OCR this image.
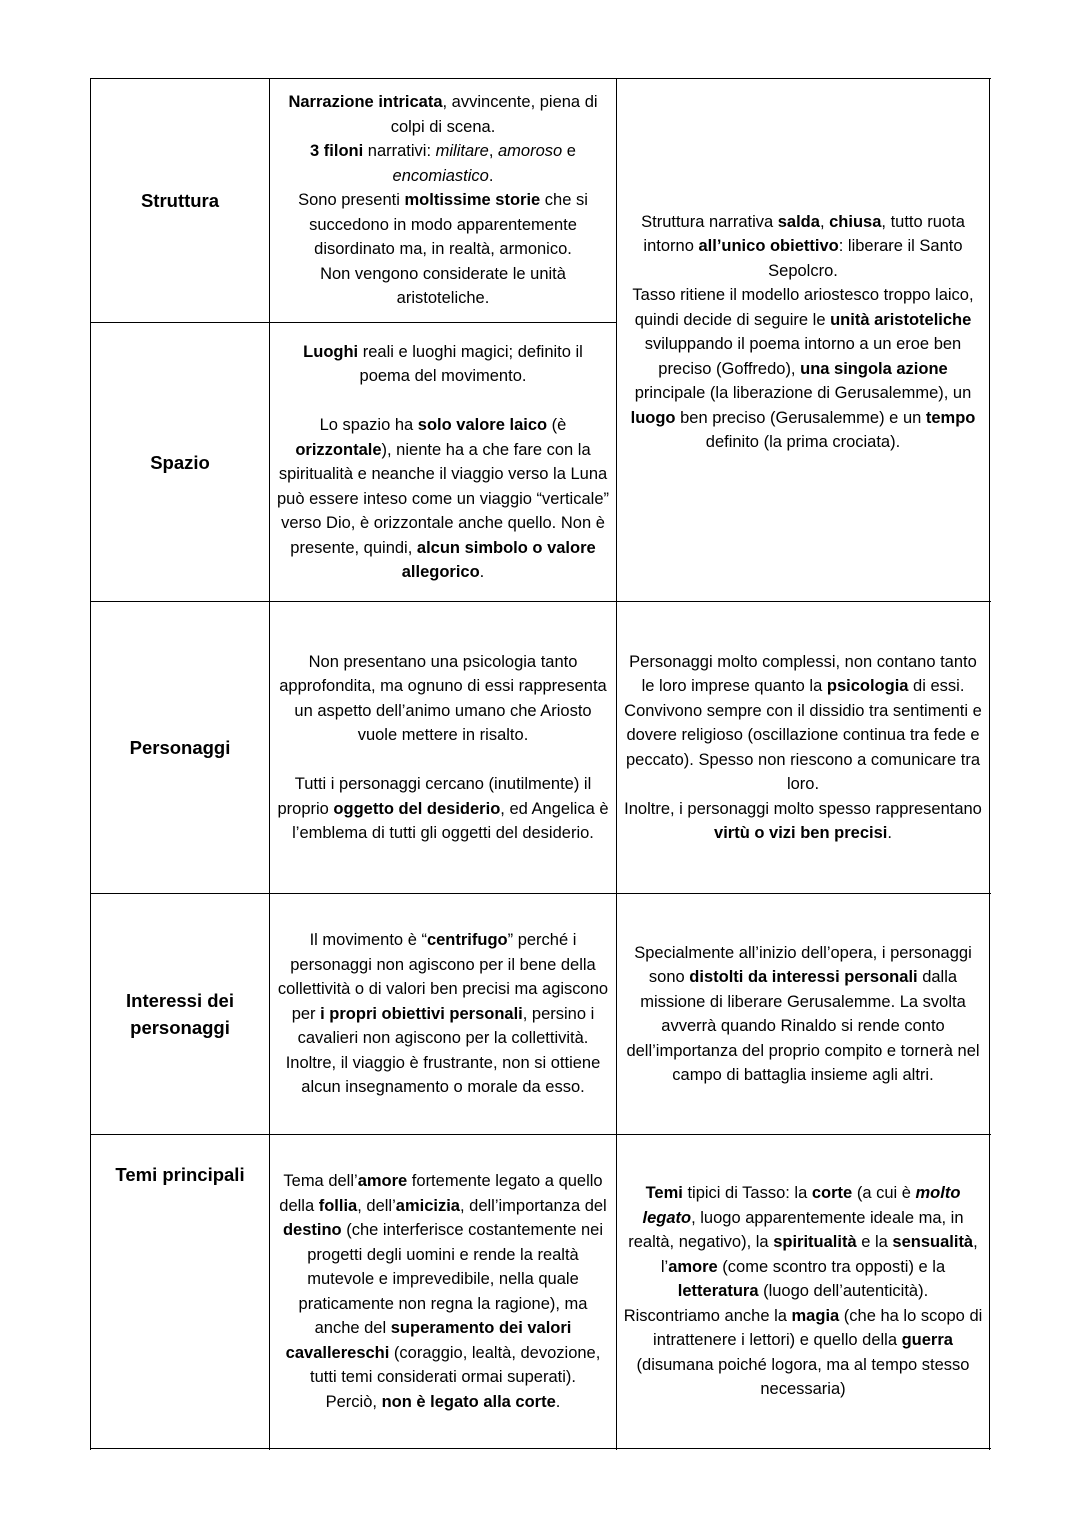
Struttura

Narrazione intricata, avvincente, piena di colpi di scena.

3 filoni narrativi: militare, amoroso e encomiastico.

Sono presenti moltissime storie che si succedono in modo apparentemente disordinato ma, in realtà, armonico.

Non vengono considerate le unità aristoteliche.

Struttura narrativa salda, chiusa, tutto ruota intorno all’unico obiettivo: liberare il Santo Sepolcro.

Tasso ritiene il modello ariostesco troppo laico, quindi decide di seguire le unità aristoteliche sviluppando il poema intorno a un eroe ben preciso (Goffredo), una singola azione principale (la liberazione di Gerusalemme), un luogo ben preciso (Gerusalemme) e un tempo definito (la prima crociata).

Spazio

Luoghi reali e luoghi magici; definito il poema del movimento.

Lo spazio ha solo valore laico (è orizzontale), niente ha a che fare con la spiritualità e neanche il viaggio verso la Luna può essere inteso come un viaggio “verticale” verso Dio, è orizzontale anche quello. Non è presente, quindi, alcun simbolo o valore allegorico.

Personaggi

Non presentano una psicologia tanto approfondita, ma ognuno di essi rappresenta un aspetto dell’animo umano che Ariosto vuole mettere in risalto.

Tutti i personaggi cercano (inutilmente) il proprio oggetto del desiderio, ed Angelica è l’emblema di tutti gli oggetti del desiderio.

Personaggi molto complessi, non contano tanto le loro imprese quanto la psicologia di essi. Convivono sempre con il dissidio tra sentimenti e dovere religioso (oscillazione continua tra fede e peccato). Spesso non riescono a comunicare tra loro.

Inoltre, i personaggi molto spesso rappresentano virtù o vizi ben precisi.

Interessi dei personaggi

Il movimento è “centrifugo” perché i personaggi non agiscono per il bene della collettività o di valori ben precisi ma agiscono per i propri obiettivi personali, persino i cavalieri non agiscono per la collettività.

Inoltre, il viaggio è frustrante, non si ottiene alcun insegnamento o morale da esso.

Specialmente all’inizio dell’opera, i personaggi sono distolti da interessi personali dalla missione di liberare Gerusalemme. La svolta avverrà quando Rinaldo si rende conto dell’importanza del proprio compito e tornerà nel campo di battaglia insieme agli altri.

Temi principali	Tema dell’amore fortemente legato a quello della follia, dell’amicizia, dell’importanza del destino (che interferisce costantemente nei progetti degli uomini e rende la realtà mutevole e imprevedibile, nella quale praticamente non regna la ragione), ma anche del superamento dei valori cavallereschi (coraggio, lealtà, devozione, tutti temi considerati ormai superati).

Perciò, non è legato alla corte.

Temi tipici di Tasso: la corte (a cui è molto legato, luogo apparentemente ideale ma, in realtà, negativo), la spiritualità e la sensualità, l’amore (come scontro tra opposti) e la letteratura (luogo dell’autenticità).

Riscontriamo anche la magia (che ha lo scopo di intrattenere i lettori) e quello della guerra (disumana poiché logora, ma al tempo stesso necessaria)
